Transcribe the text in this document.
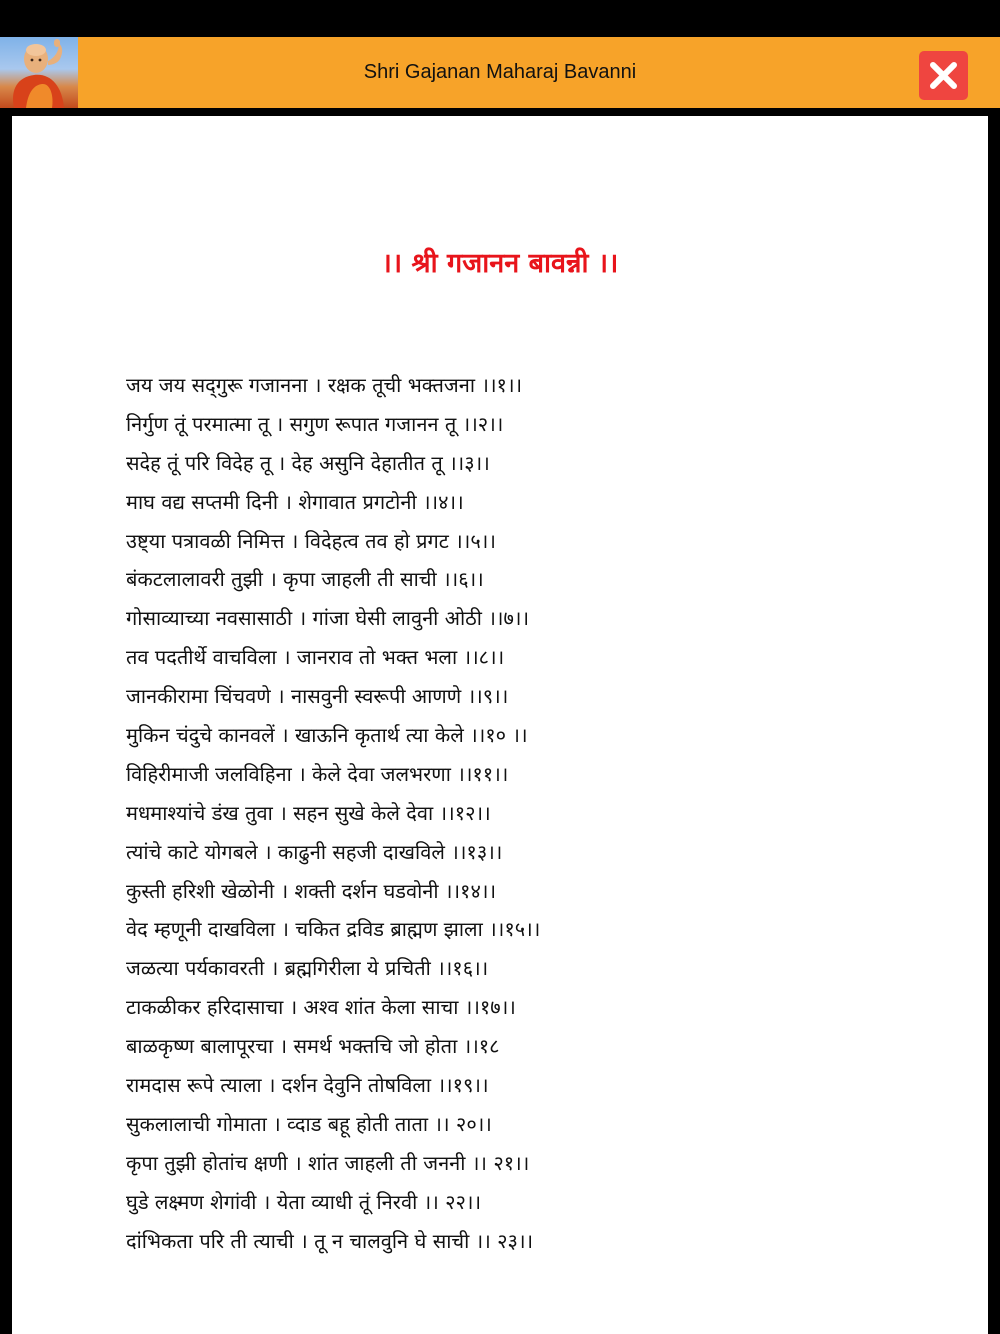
Shri Gajanan Maharaj Bavanni
।। श्री गजानन बावन्नी ।।
जय जय सद्‌गुरू गजानना । रक्षक तूची भक्तजना ।।१।।
निर्गुण तूं परमात्मा तू । सगुण रूपात गजानन तू ।।२।।
सदेह तूं परि विदेह तू । देह असुनि देहातीत तू ।।३।।
माघ वद्य सप्तमी दिनी । शेगावात प्रगटोनी ।।४।।
उष्ट्या पत्रावळी निमित्त । विदेहत्व तव हो प्रगट ।।५।।
बंकटलालावरी तुझी । कृपा जाहली ती साची ।।६।।
गोसाव्याच्या नवसासाठी । गांजा घेसी लावुनी ओठी ।।७।।
तव पदतीर्थे वाचविला । जानराव तो भक्त भला ।।८।।
जानकीरामा चिंचवणे । नासवुनी स्वरूपी आणणे ।।९।।
मुकिन चंदुचे कानवलें । खाऊनि कृतार्थ त्या केले ।।१० ।।
विहिरीमाजी जलविहिना । केले देवा जलभरणा ।।११।।
मधमाश्यांचे डंख तुवा । सहन सुखे केले देवा ।।१२।।
त्यांचे काटे योगबले । काढुनी सहजी दाखविले ।।१३।।
कुस्ती हरिशी खेळोनी । शक्ती दर्शन घडवोनी ।।१४।।
वेद म्हणूनी दाखविला । चकित द्रविड ब्राह्मण झाला ।।१५।।
जळत्या पर्यकावरती । ब्रह्मगिरीला ये प्रचिती ।।१६।।
टाकळीकर हरिदासाचा । अश्व शांत केला साचा ।।१७।।
बाळकृष्ण बालापूरचा । समर्थ भक्तचि जो होता ।।१८
रामदास रूपे त्याला । दर्शन देवुनि तोषविला ।।१९।।
सुकलालाची गोमाता । व्दाड बहू होती ताता ।। २०।।
कृपा तुझी होतांच क्षणी । शांत जाहली ती जननी ।। २१।।
घुडे लक्ष्मण शेगांवी । येता व्याधी तूं निरवी ।। २२।।
दांभिकता परि ती त्याची । तू न चालवुनि घे साची ।। २३।।
